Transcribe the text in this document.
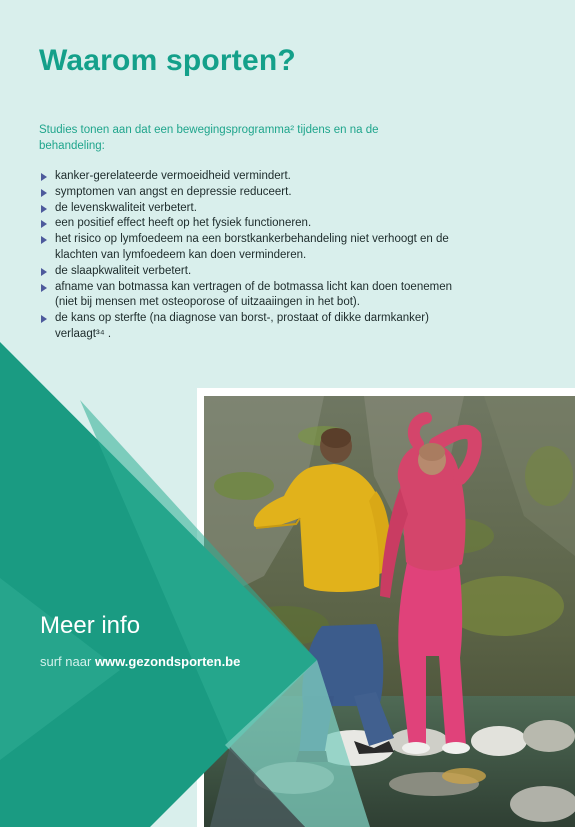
Waarom sporten?

Studies tonen aan dat een bewegingsprogramma² tijdens en na de behandeling:

kanker-gerelateerde vermoeidheid vermindert.
symptomen van angst en depressie reduceert.
de levenskwaliteit verbetert.
een positief effect heeft op het fysiek functioneren.
het risico op lymfoedeem na een borstkankerbehandeling niet verhoogt en de klachten van lymfoedeem kan doen verminderen.
de slaapkwaliteit verbetert.
afname van botmassa kan vertragen of de botmassa licht kan doen toenemen (niet bij mensen met osteoporose of uitzaaiingen in het bot).
de kans op sterfte (na diagnose van borst-, prostaat of dikke darmkanker) verlaagt³⁴ .
Meer info

surf naar www.gezondsporten.be
